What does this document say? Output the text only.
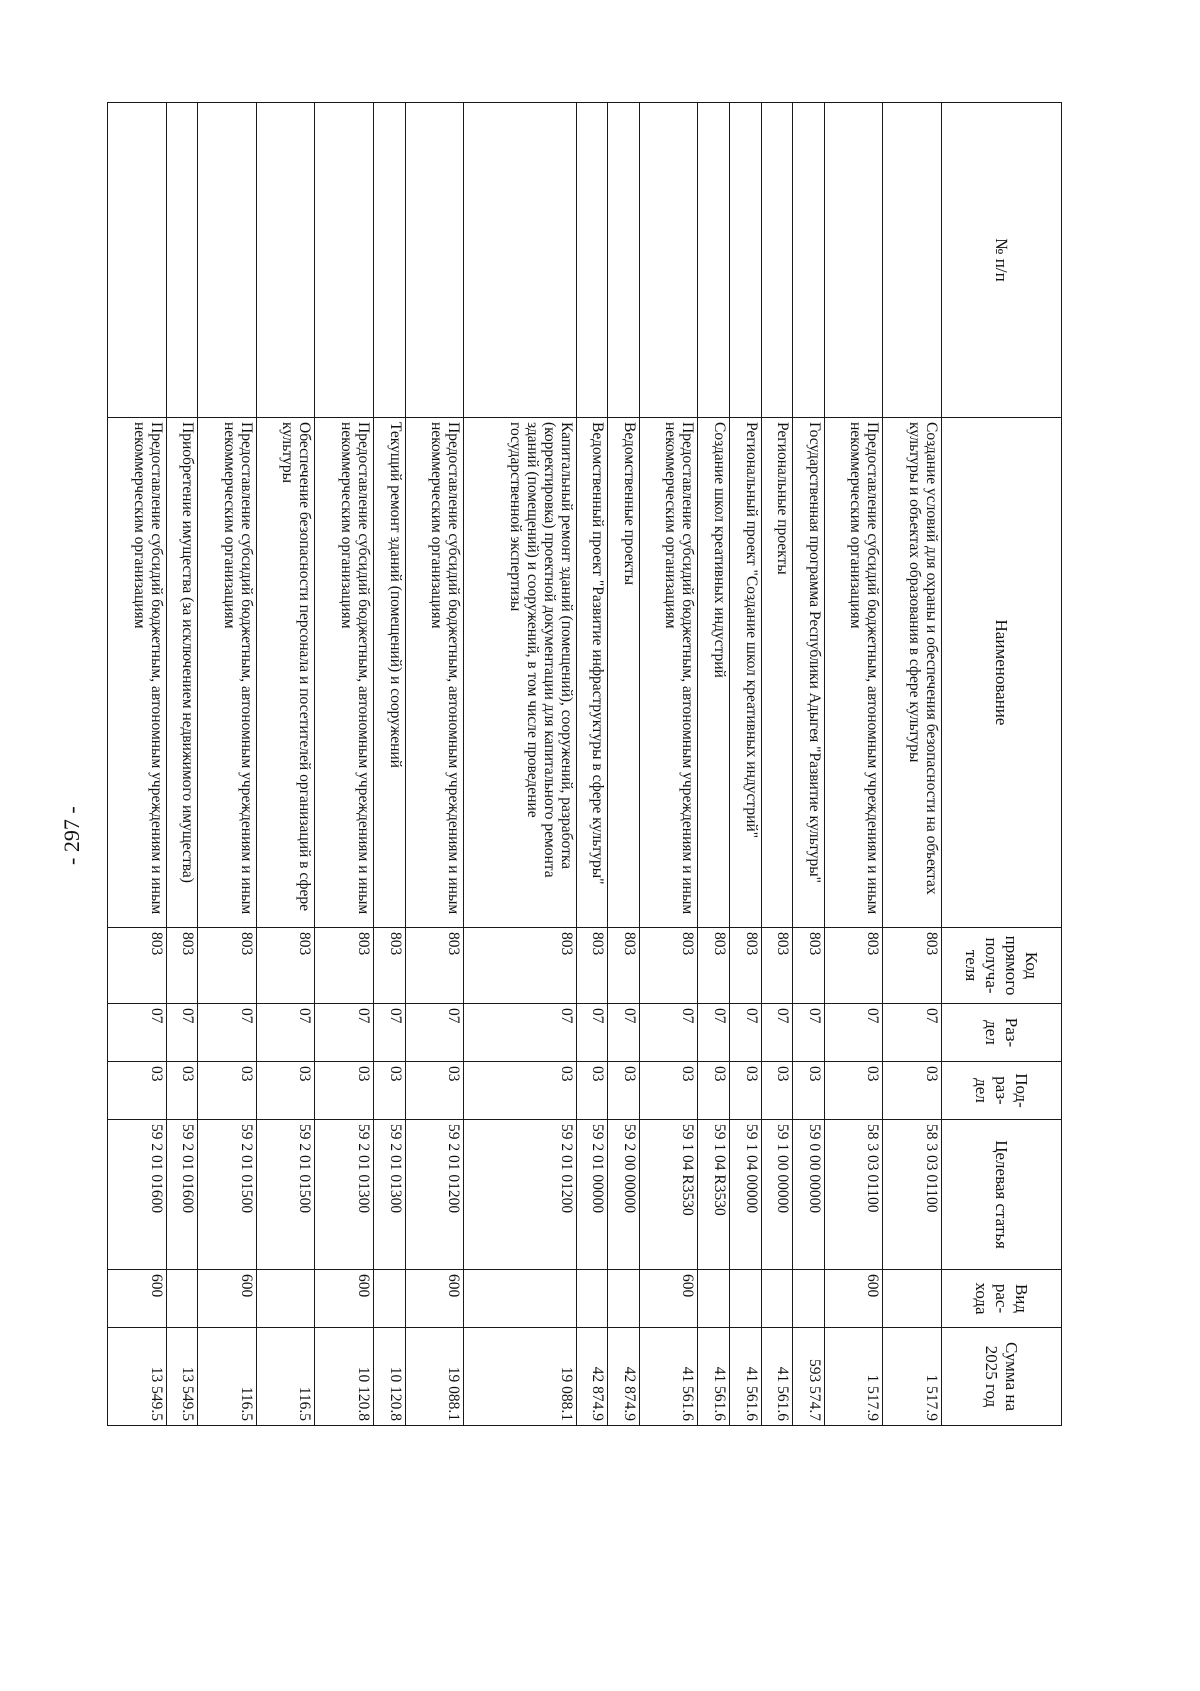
- 297 -
№ п/п	Наименование	Код прямого получа-теля	Раз-дел	Под-раз-дел	Целевая статья	Вид рас-хода	Сумма на 2025 год
	Создание условий для охраны и обеспечения безопасности на объектах культуры и объектах образования в сфере культуры	803	07	03	58 3 03 01100		1 517.9
	Предоставление субсидий бюджетным, автономным учреждениям и иным некоммерческим организациям	803	07	03	58 3 03 01100	600	1 517.9
	Государственная программа Республики Адыгея "Развитие культуры"	803	07	03	59 0 00 00000		593 574.7
	Региональные проекты	803	07	03	59 1 00 00000		41 561.6
	Региональный проект "Создание школ креативных индустрий"	803	07	03	59 1 04 00000		41 561.6
	Создание школ креативных индустрий	803	07	03	59 1 04 R3530		41 561.6
	Предоставление субсидий бюджетным, автономным учреждениям и иным некоммерческим организациям	803	07	03	59 1 04 R3530	600	41 561.6
	Ведомственные проекты	803	07	03	59 2 00 00000		42 874.9
	Ведомственный проект "Развитие инфраструктуры в сфере культуры"	803	07	03	59 2 01 00000		42 874.9
	Капитальный ремонт зданий (помещений), сооружений, разработка (корректировка) проектной документации для капитального ремонта зданий (помещений) и сооружений, в том числе проведение государственной экспертизы	803	07	03	59 2 01 01200		19 088.1
	Предоставление субсидий бюджетным, автономным учреждениям и иным некоммерческим организациям	803	07	03	59 2 01 01200	600	19 088.1
	Текущий ремонт зданий (помещений) и сооружений	803	07	03	59 2 01 01300		10 120.8
	Предоставление субсидий бюджетным, автономным учреждениям и иным некоммерческим организациям	803	07	03	59 2 01 01300	600	10 120.8
	Обеспечение безопасности персонала и посетителей организаций в сфере культуры	803	07	03	59 2 01 01500		116.5
	Предоставление субсидий бюджетным, автономным учреждениям и иным некоммерческим организациям	803	07	03	59 2 01 01500	600	116.5
	Приобретение имущества (за исключением недвижимого имущества)	803	07	03	59 2 01 01600		13 549.5
	Предоставление субсидий бюджетным, автономным учреждениям и иным некоммерческим организациям	803	07	03	59 2 01 01600	600	13 549.5
